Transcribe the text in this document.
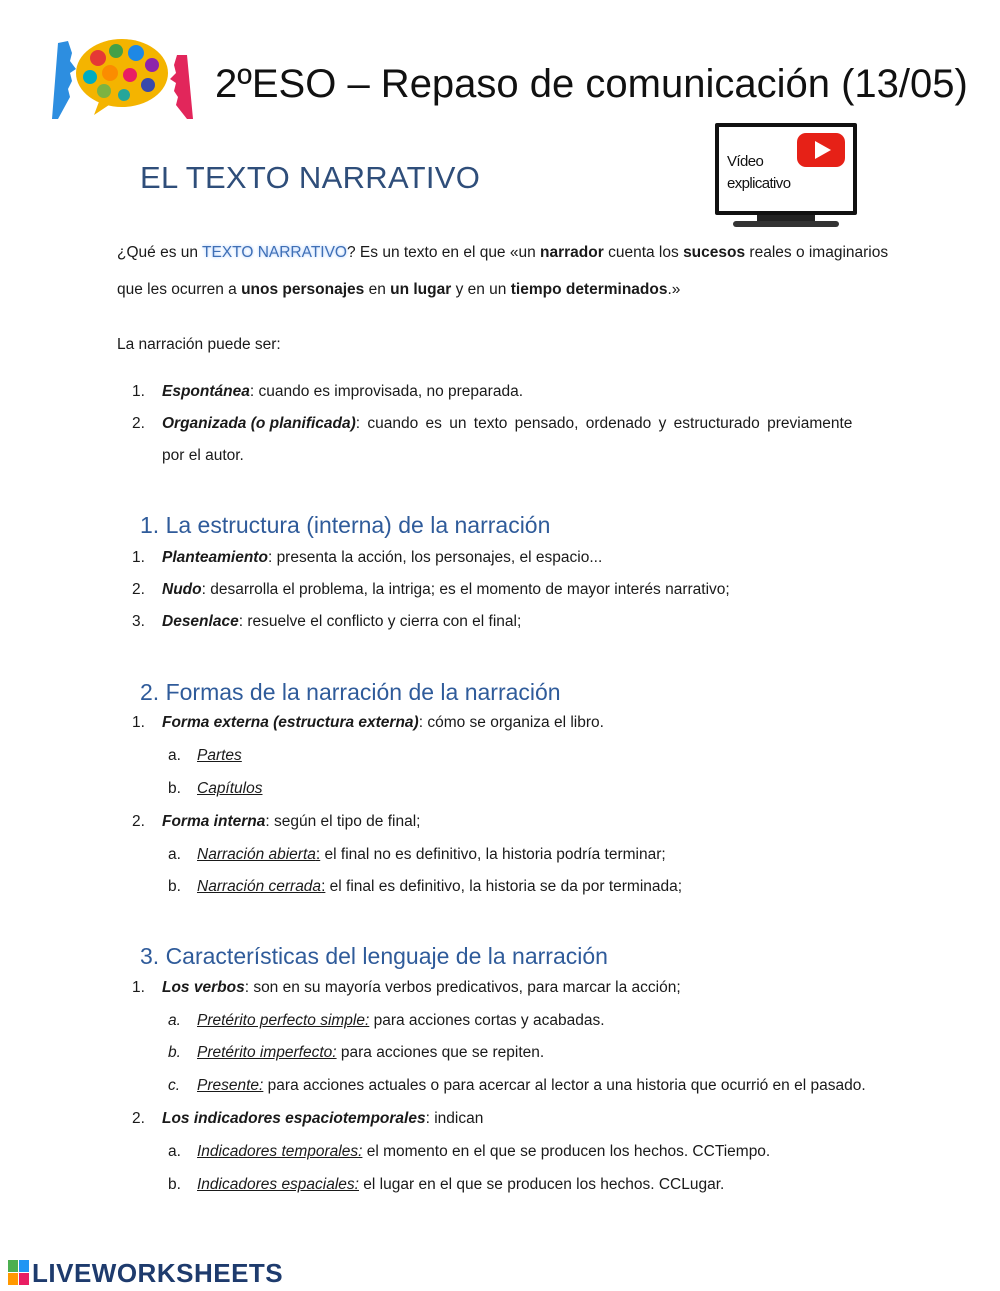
2ºESO – Repaso de comunicación (13/05)
Vídeo
explicativo
EL TEXTO NARRATIVO
¿Qué es un TEXTO NARRATIVO? Es un texto en el que «un narrador cuenta los sucesos reales o imaginarios
que les ocurren a unos personajes en un lugar y en un tiempo determinados.»
La narración puede ser:
1. Espontánea: cuando es improvisada, no preparada.
2. Organizada (o planificada): cuando es un texto pensado, ordenado y estructurado previamente
por el autor.
1. La estructura (interna) de la narración
1. Planteamiento: presenta la acción, los personajes, el espacio...
2. Nudo: desarrolla el problema, la intriga; es el momento de mayor interés narrativo;
3. Desenlace: resuelve el conflicto y cierra con el final;
2. Formas de la narración de la narración
1. Forma externa (estructura externa): cómo se organiza el libro.
a. Partes
b. Capítulos
2. Forma interna: según el tipo de final;
a. Narración abierta: el final no es definitivo, la historia podría terminar;
b. Narración cerrada: el final es definitivo, la historia se da por terminada;
3. Características del lenguaje de la narración
1. Los verbos: son en su mayoría verbos predicativos, para marcar la acción;
a. Pretérito perfecto simple: para acciones cortas y acabadas.
b. Pretérito imperfecto: para acciones que se repiten.
c. Presente: para acciones actuales o para acercar al lector a una historia que ocurrió en el pasado.
2. Los indicadores espaciotemporales: indican
a. Indicadores temporales: el momento en el que se producen los hechos. CCTiempo.
b. Indicadores espaciales: el lugar en el que se producen los hechos. CCLugar.
LIVEWORKSHEETS
